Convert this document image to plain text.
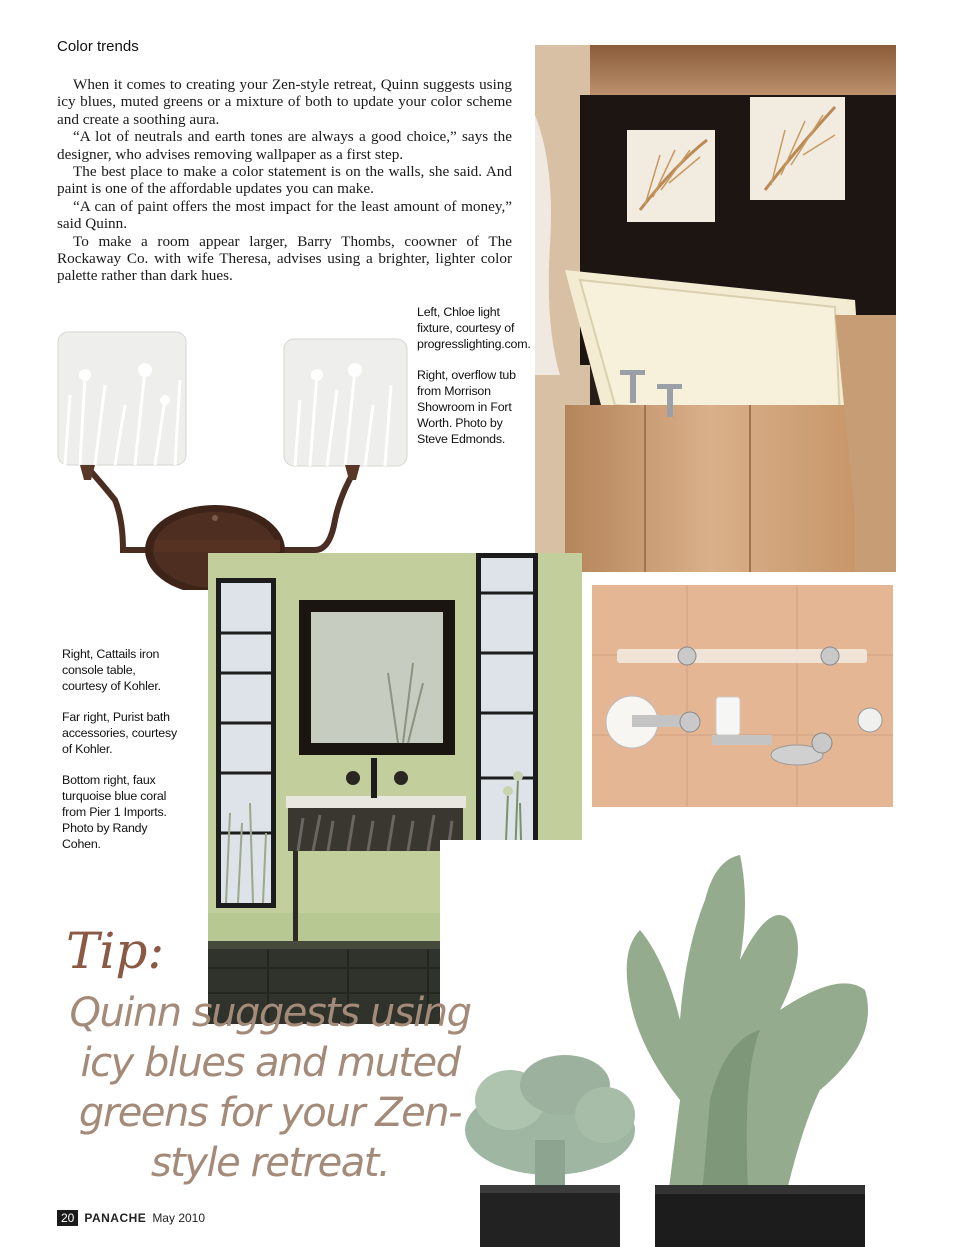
Color trends

When it comes to creating your Zen-style retreat, Quinn suggests using icy blues, muted greens or a mixture of both to update your color scheme and create a soothing aura.

“A lot of neutrals and earth tones are always a good choice,” says the designer, who advises removing wallpaper as a first step.

The best place to make a color statement is on the walls, she said. And paint is one of the affordable updates you can make.

“A can of paint offers the most impact for the least amount of money,” said Quinn.

To make a room appear larger, Barry Thombs, coowner of The Rockaway Co. with wife Theresa, advises using a brighter, lighter color palette rather than dark hues.

Left, Chloe light fixture, courtesy of progresslighting.com.

Right, overflow tub from Morrison Showroom in Fort Worth. Photo by Steve Edmonds.

Right, Cattails iron console table, courtesy of Kohler.

Far right, Purist bath accessories, courtesy of Kohler.

Bottom right, faux turquoise blue coral from Pier 1 Imports. Photo by Randy Cohen.

Tip:
Quinn suggests using icy blues and muted greens for your Zen-style retreat.
20 PANACHE May 2010
